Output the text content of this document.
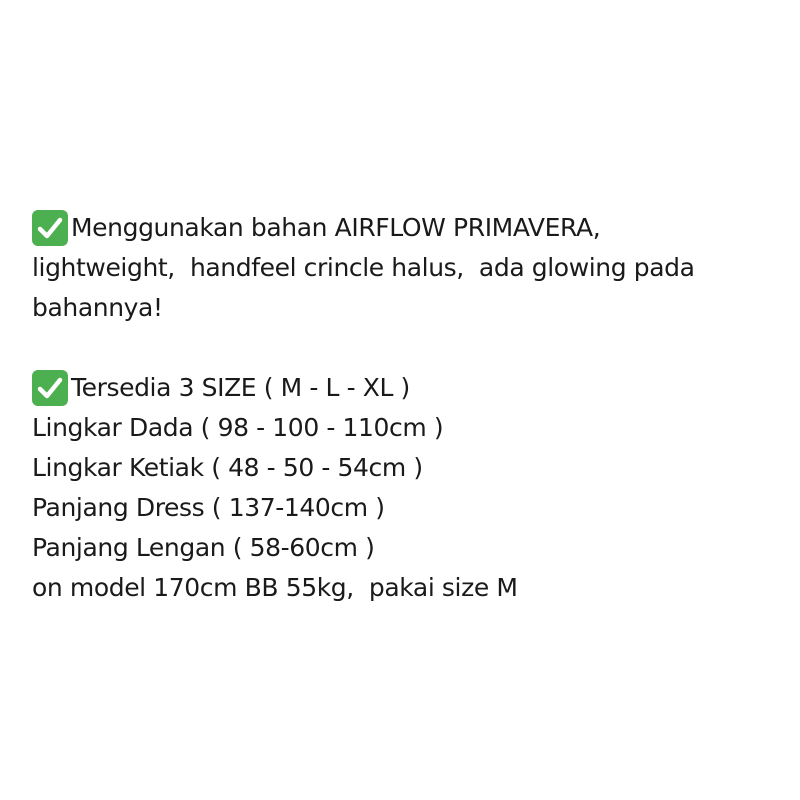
Menggunakan bahan AIRFLOW PRIMAVERA,
lightweight,  handfeel crincle halus,  ada glowing pada
bahannya!

Tersedia 3 SIZE ( M - L - XL )
Lingkar Dada ( 98 - 100 - 110cm )
Lingkar Ketiak ( 48 - 50 - 54cm )
Panjang Dress ( 137-140cm )
Panjang Lengan ( 58-60cm )
on model 170cm BB 55kg,  pakai size M
